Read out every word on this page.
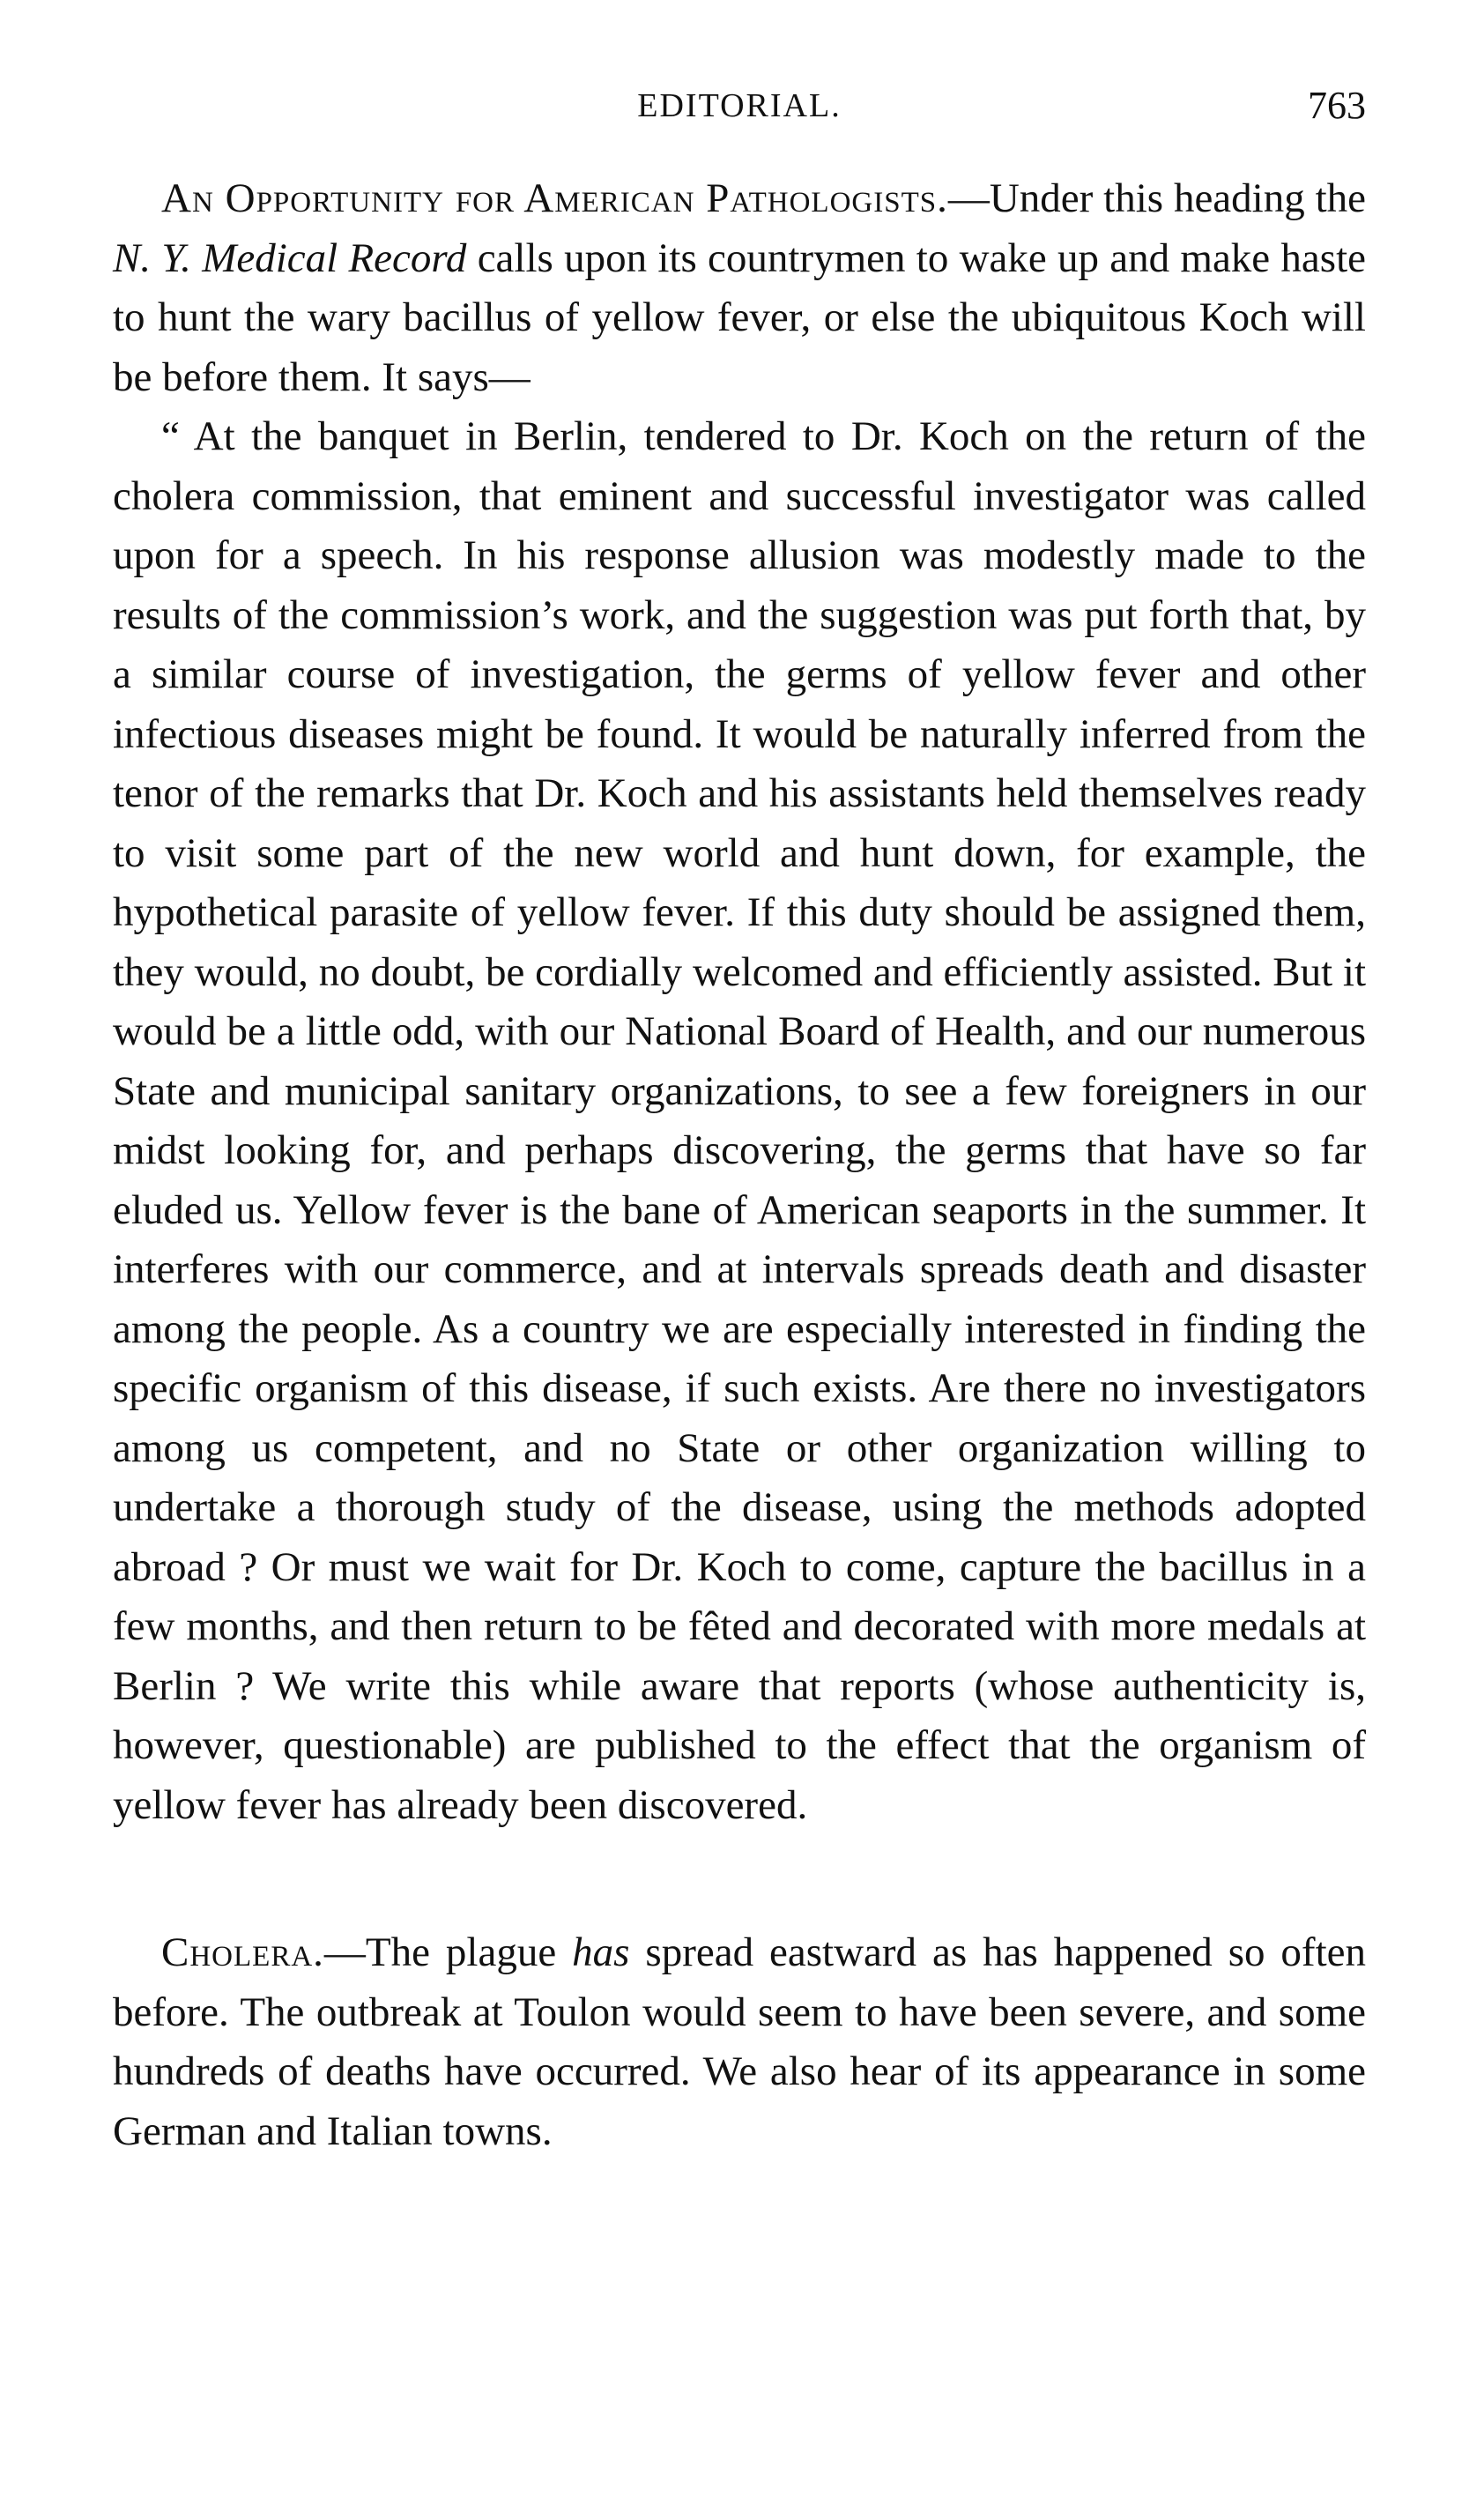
EDITORIAL.	763

An Opportunity for American Pathologists.—Under this heading the N. Y. Medical Record calls upon its countrymen to wake up and make haste to hunt the wary bacillus of yellow fever, or else the ubiquitous Koch will be before them. It says—

“ At the banquet in Berlin, tendered to Dr. Koch on the return of the cholera commission, that eminent and successful investigator was called upon for a speech. In his response allusion was modestly made to the results of the commission’s work, and the suggestion was put forth that, by a similar course of investigation, the germs of yellow fever and other infectious diseases might be found. It would be naturally inferred from the tenor of the remarks that Dr. Koch and his assistants held themselves ready to visit some part of the new world and hunt down, for example, the hypothetical parasite of yellow fever. If this duty should be assigned them, they would, no doubt, be cordially welcomed and efficiently assisted. But it would be a little odd, with our National Board of Health, and our numerous State and municipal sanitary organizations, to see a few foreigners in our midst looking for, and perhaps discovering, the germs that have so far eluded us. Yellow fever is the bane of American seaports in the summer. It interferes with our commerce, and at intervals spreads death and disaster among the people. As a country we are especially interested in finding the specific organism of this disease, if such exists. Are there no investigators among us competent, and no State or other organization willing to undertake a thorough study of the disease, using the methods adopted abroad ? Or must we wait for Dr. Koch to come, capture the bacillus in a few months, and then return to be fêted and decorated with more medals at Berlin ? We write this while aware that reports (whose authenticity is, however, questionable) are published to the effect that the organism of yellow fever has already been discovered.

Cholera.—The plague has spread eastward as has happened so often before. The outbreak at Toulon would seem to have been severe, and some hundreds of deaths have occurred. We also hear of its appearance in some German and Italian towns.
